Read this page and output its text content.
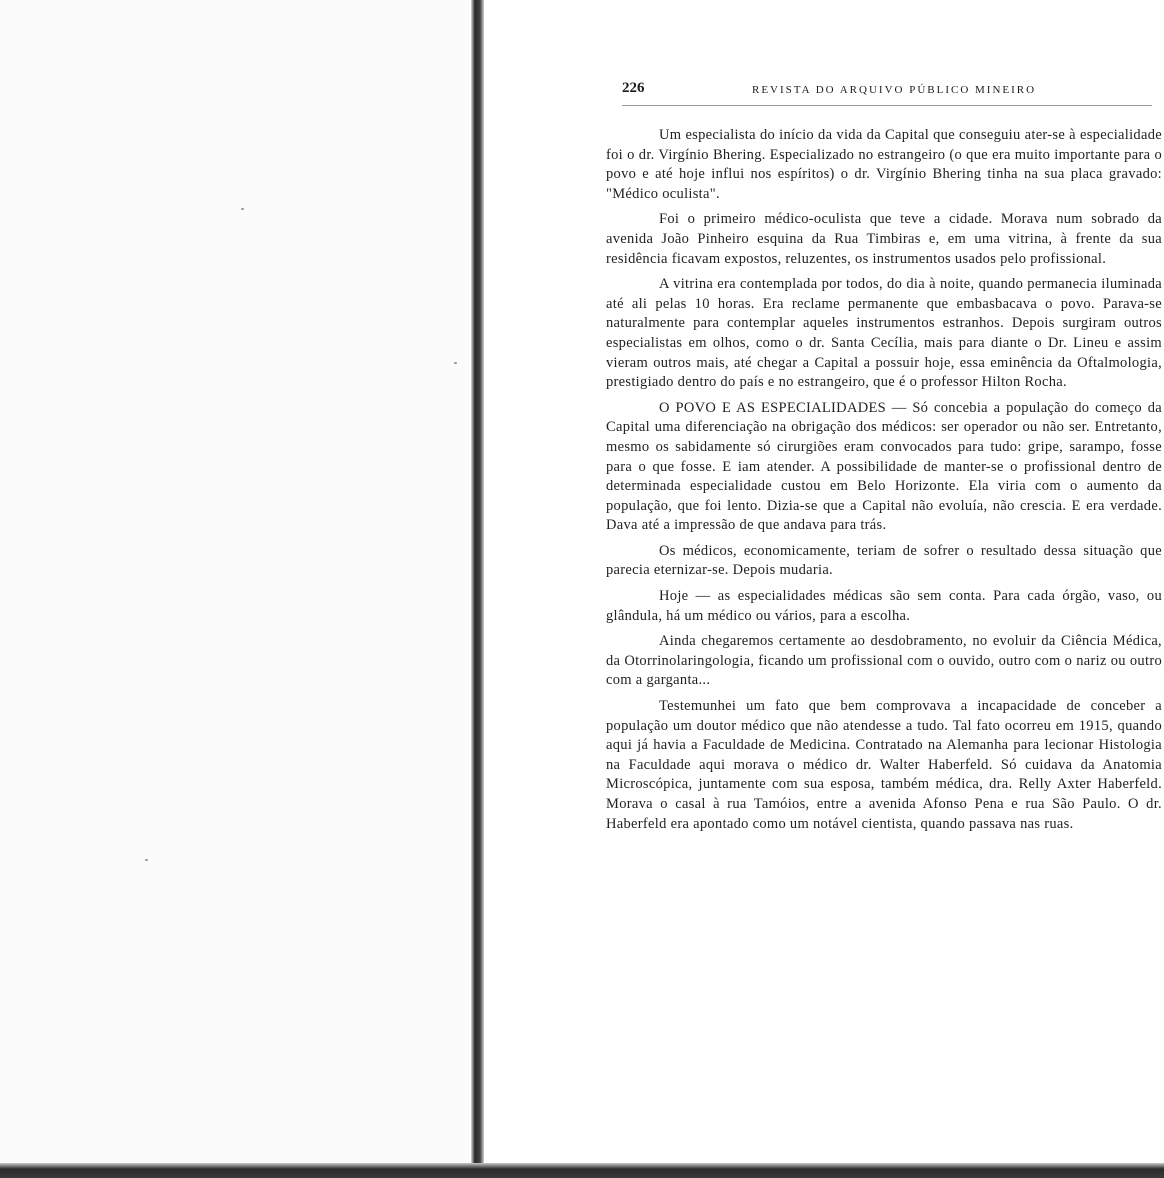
226	REVISTA DO ARQUIVO PÚBLICO MINEIRO

Um especialista do início da vida da Capital que conseguiu ater-se à especialidade foi o dr. Virgínio Bhering. Especializado no estrangeiro (o que era muito importante para o povo e até hoje influi nos espíritos) o dr. Virgínio Bhering tinha na sua placa gravado: "Médico oculista".

Foi o primeiro médico-oculista que teve a cidade. Morava num sobrado da avenida João Pinheiro esquina da Rua Timbiras e, em uma vitrina, à frente da sua residência ficavam expostos, reluzentes, os instrumentos usados pelo profissional.

A vitrina era contemplada por todos, do dia à noite, quando permanecia iluminada até ali pelas 10 horas. Era reclame permanente que embasbacava o povo. Parava-se naturalmente para contemplar aqueles instrumentos estranhos. Depois surgiram outros especialistas em olhos, como o dr. Santa Cecília, mais para diante o Dr. Lineu e assim vieram outros mais, até chegar a Capital a possuir hoje, essa eminência da Oftalmologia, prestigiado dentro do país e no estrangeiro, que é o professor Hilton Rocha.

O POVO E AS ESPECIALIDADES — Só concebia a população do começo da Capital uma diferenciação na obrigação dos médicos: ser operador ou não ser. Entretanto, mesmo os sabidamente só cirurgiões eram convocados para tudo: gripe, sarampo, fosse para o que fosse. E iam atender. A possibilidade de manter-se o profissional dentro de determinada especialidade custou em Belo Horizonte. Ela viria com o aumento da população, que foi lento. Dizia-se que a Capital não evoluía, não crescia. E era verdade. Dava até a impressão de que andava para trás.

Os médicos, economicamente, teriam de sofrer o resultado dessa situação que parecia eternizar-se. Depois mudaria.

Hoje — as especialidades médicas são sem conta. Para cada órgão, vaso, ou glândula, há um médico ou vários, para a escolha.

Ainda chegaremos certamente ao desdobramento, no evoluir da Ciência Médica, da Otorrinolaringologia, ficando um profissional com o ouvido, outro com o nariz ou outro com a garganta...

Testemunhei um fato que bem comprovava a incapacidade de conceber a população um doutor médico que não atendesse a tudo. Tal fato ocorreu em 1915, quando aqui já havia a Faculdade de Medicina. Contratado na Alemanha para lecionar Histologia na Faculdade aqui morava o médico dr. Walter Haberfeld. Só cuidava da Anatomia Microscópica, juntamente com sua esposa, também médica, dra. Relly Axter Haberfeld. Morava o casal à rua Tamóios, entre a avenida Afonso Pena e rua São Paulo. O dr. Haberfeld era apontado como um notável cientista, quando passava nas ruas.
